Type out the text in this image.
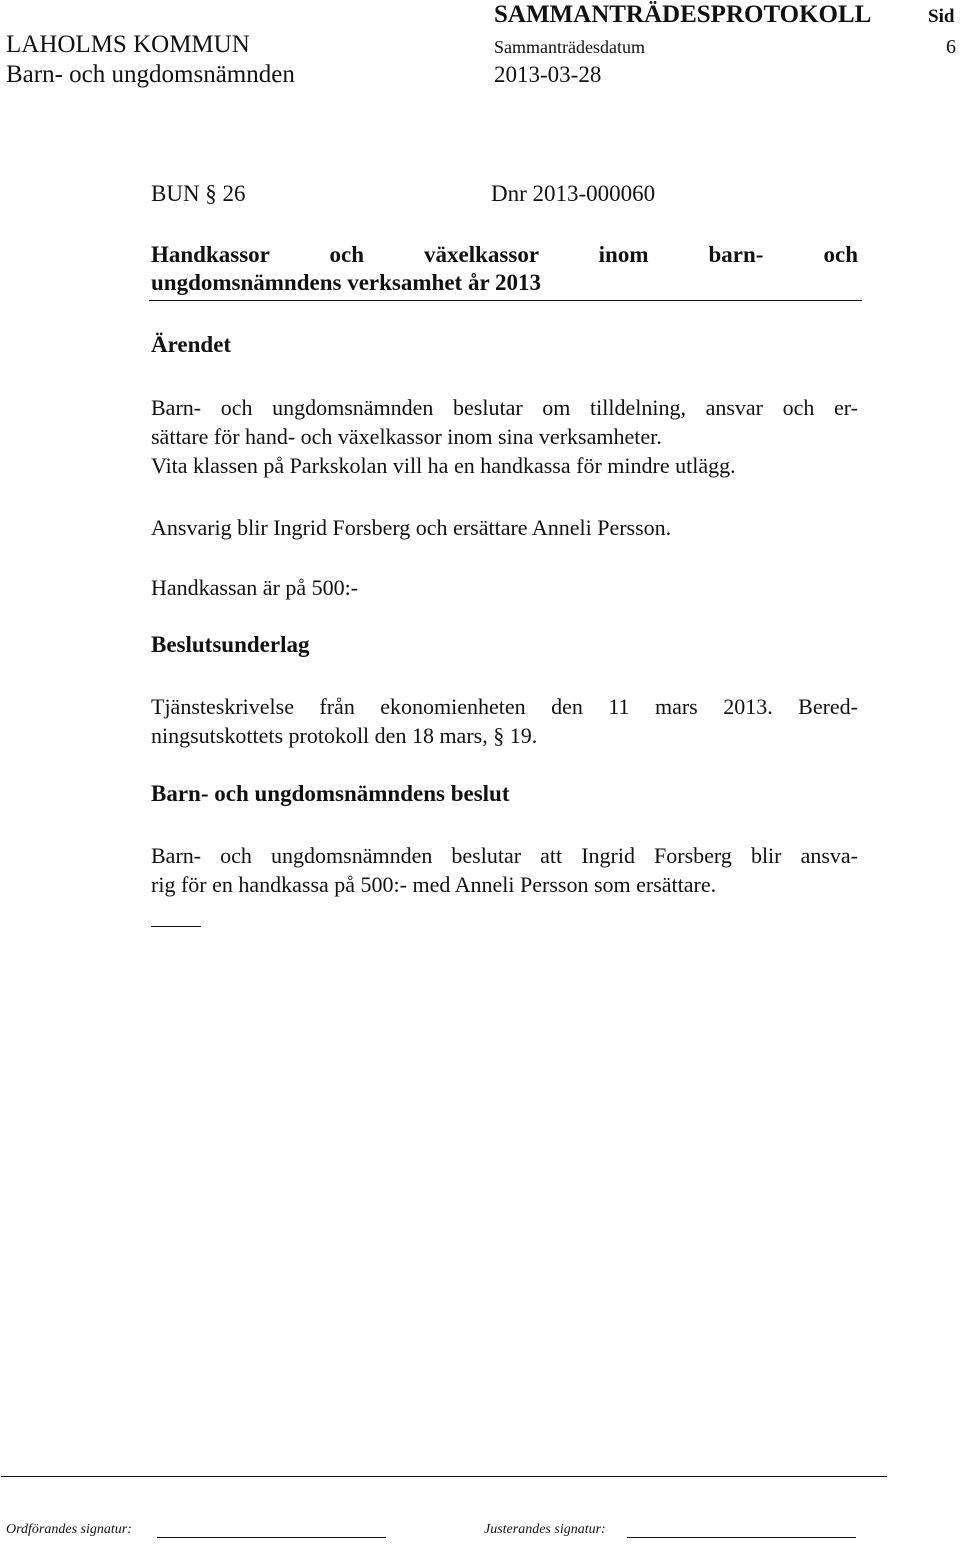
SAMMANTRÄDESPROTOKOLL	Sid
LAHOLMS KOMMUN	Sammanträdesdatum	6
Barn- och ungdomsnämnden	2013-03-28
BUN § 26	Dnr 2013-000060
Handkassor och växelkassor inom barn- och
ungdomsnämndens verksamhet år 2013
Ärendet
Barn- och ungdomsnämnden beslutar om tilldelning, ansvar och er-
sättare för hand- och växelkassor inom sina verksamheter.
Vita klassen på Parkskolan vill ha en handkassa för mindre utlägg.
Ansvarig blir Ingrid Forsberg och ersättare Anneli Persson.
Handkassan är på 500:-
Beslutsunderlag
Tjänsteskrivelse från ekonomienheten den 11 mars 2013. Bered-
ningsutskottets protokoll den 18 mars, § 19.
Barn- och ungdomsnämndens beslut
Barn- och ungdomsnämnden beslutar att Ingrid Forsberg blir ansva-
rig för en handkassa på 500:- med Anneli Persson som ersättare.
Ordförandes signatur:	Justerandes signatur:
